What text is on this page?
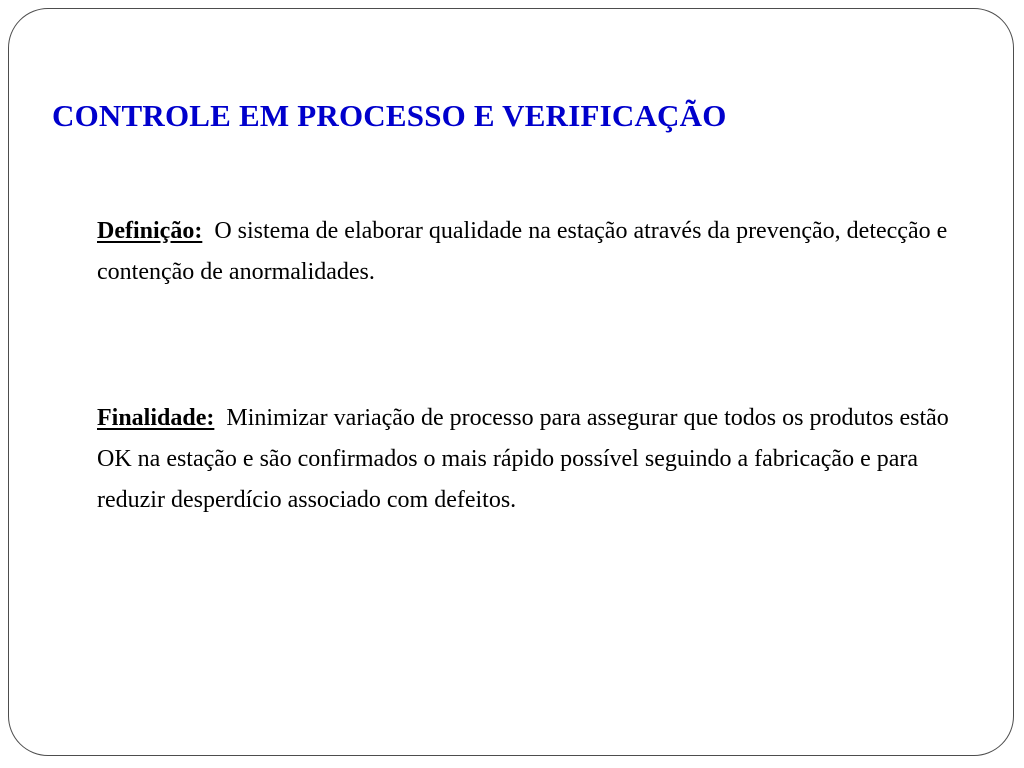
CONTROLE EM PROCESSO E VERIFICAÇÃO

Definição: O sistema de elaborar qualidade na estação através da prevenção, detecção e contenção de anormalidades.

Finalidade: Minimizar variação de processo para assegurar que todos os produtos estão OK na estação e são confirmados o mais rápido possível seguindo a fabricação e para reduzir desperdício associado com defeitos.
